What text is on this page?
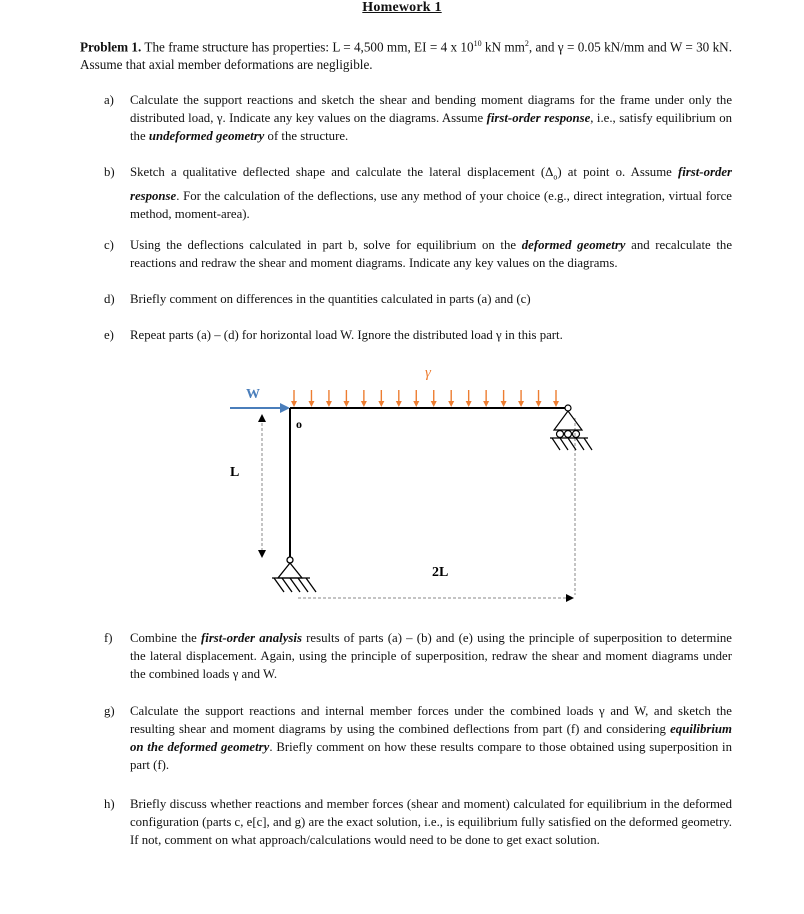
Homework 1
Problem 1. The frame structure has properties: L = 4,500 mm, EI = 4 x $10^{10}$ kN $mm^2$, and γ = 0.05 kN/mm and W = 30 kN. Assume that axial member deformations are negligible.
a)	Calculate the support reactions and sketch the shear and bending moment diagrams for the frame under only the distributed load, γ. Indicate any key values on the diagrams. Assume first-order response, i.e., satisfy equilibrium on the undeformed geometry of the structure.
b)	Sketch a qualitative deflected shape and calculate the lateral displacement $(\Delta_o)$ at point o. Assume first-order response. For the calculation of the deflections, use any method of your choice (e.g., direct integration, virtual force method, moment-area).
c)	Using the deflections calculated in part b, solve for equilibrium on the deformed geometry and recalculate the reactions and redraw the shear and moment diagrams. Indicate any key values on the diagrams.
d)	Briefly comment on differences in the quantities calculated in parts (a) and (c)
e)	Repeat parts (a) – (d) for horizontal load W. Ignore the distributed load γ in this part.
γ
W
o
L
2L
f)	Combine the first-order analysis results of parts (a) – (b) and (e) using the principle of superposition to determine the lateral displacement. Again, using the principle of superposition, redraw the shear and moment diagrams under the combined loads γ and W.
g)	Calculate the support reactions and internal member forces under the combined loads γ and W, and sketch the resulting shear and moment diagrams by using the combined deflections from part (f) and considering equilibrium on the deformed geometry. Briefly comment on how these results compare to those obtained using superposition in part (f).
h)	Briefly discuss whether reactions and member forces (shear and moment) calculated for equilibrium in the deformed configuration (parts c, e[c], and g) are the exact solution, i.e., is equilibrium fully satisfied on the deformed geometry. If not, comment on what approach/calculations would need to be done to get exact solution.
